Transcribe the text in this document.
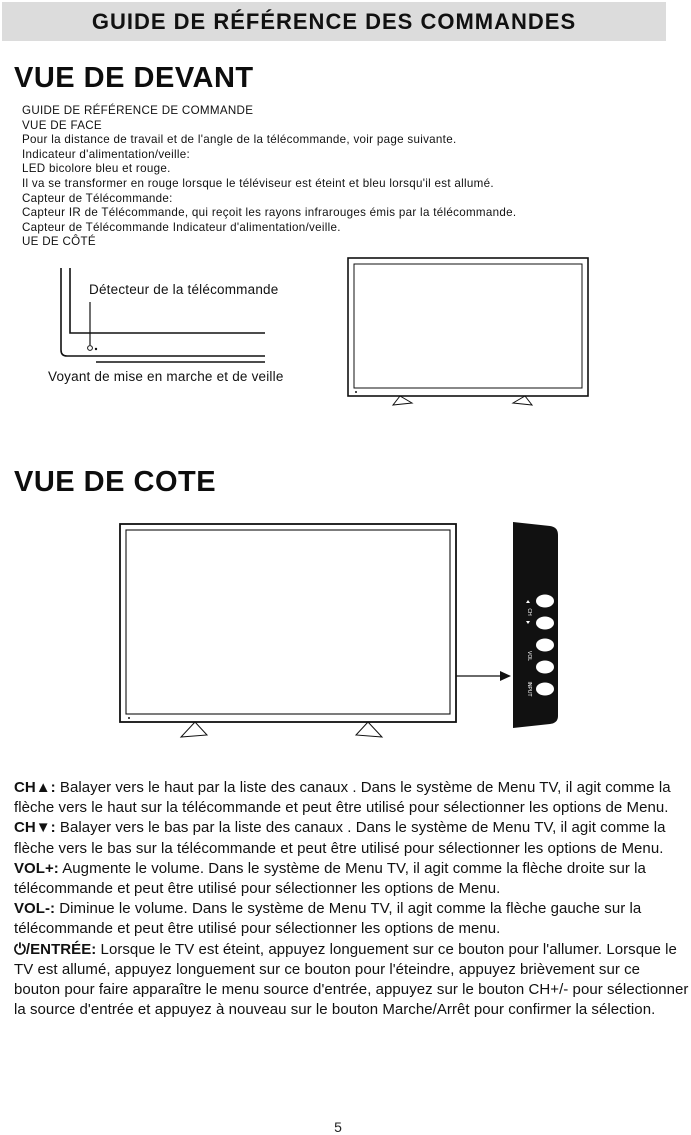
GUIDE DE RÉFÉRENCE DES COMMANDES
VUE DE DEVANT
GUIDE DE RÉFÉRENCE DE COMMANDE
VUE DE FACE
Pour la distance de travail et de l'angle de la télécommande, voir page suivante.
Indicateur d'alimentation/veille:
LED bicolore bleu et rouge.
Il va se transformer en rouge lorsque le téléviseur est éteint et bleu lorsqu'il est allumé.
Capteur de Télécommande:
Capteur IR de Télécommande, qui reçoit les rayons infrarouges émis par la télécommande.
Capteur de Télécommande Indicateur d'alimentation/veille.
UE DE CÔTÉ
Détecteur de la télécommande
Voyant de mise en marche et de veille
VUE DE COTE
CH
VOL
INPUT

CH▲: Balayer vers le haut par la liste des canaux . Dans le système de Menu TV, il agit comme la flèche vers le haut sur la télécommande et peut être utilisé pour sélectionner les options de Menu.

CH▼: Balayer vers le bas par la liste des canaux . Dans le système de Menu TV, il agit comme la flèche vers le bas sur la télécommande et peut être utilisé pour sélectionner les options de Menu.

VOL+: Augmente le volume. Dans le système de Menu TV, il agit comme la flèche droite sur la télécommande et peut être utilisé pour sélectionner les options de Menu.

VOL-: Diminue le volume. Dans le système de Menu TV, il agit comme la flèche gauche sur la télécommande et peut être utilisé pour sélectionner les options de menu.

⏻/ENTRÉE: Lorsque le TV est éteint, appuyez longuement sur ce bouton pour l'allumer. Lorsque le TV est allumé, appuyez longuement sur ce bouton pour l'éteindre, appuyez brièvement sur ce bouton pour faire apparaître le menu source d'entrée, appuyez sur le bouton CH+/- pour sélectionner la source d'entrée et appuyez à nouveau sur le bouton Marche/Arrêt pour confirmer la sélection.

5
